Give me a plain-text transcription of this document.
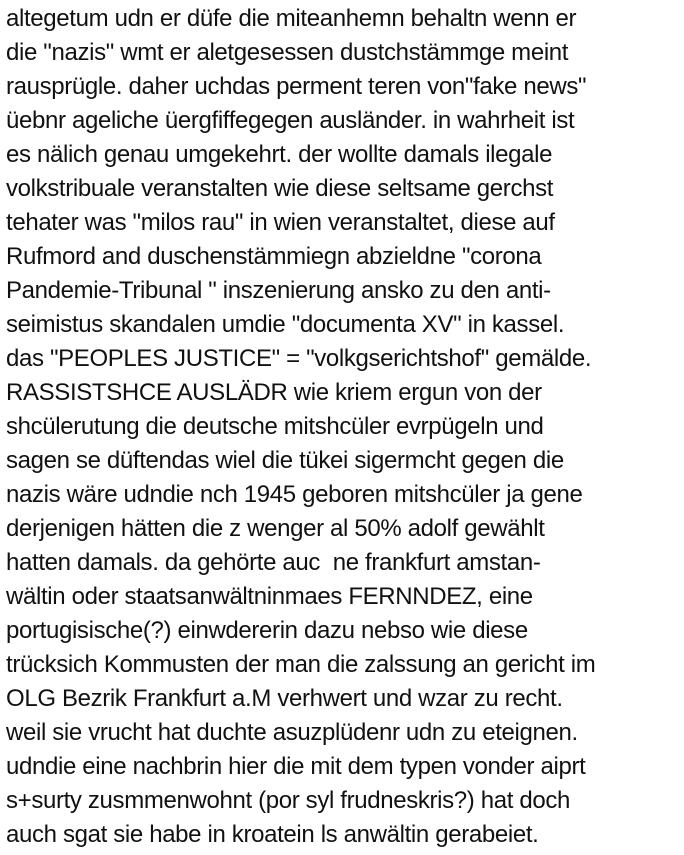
altegetum udn er düfe die miteanhemn behaltn wenn er
die "nazis" wmt er aletgesessen dustchstämmge meint
rausprügle. daher uchdas perment teren von"fake news"
üebnr ageliche üergfiffegegen ausländer. in wahrheit ist
es nälich genau umgekehrt. der wollte damals ilegale
volkstribuale veranstalten wie diese seltsame gerchst
tehater was "milos rau" in wien veranstaltet, diese auf
Rufmord and duschenstämmiegn abzieldne "corona
Pandemie-Tribunal " inszenierung ansko zu den anti-
seimistus skandalen umdie "documenta XV" in kassel.
das "PEOPLES JUSTICE" = "volkgserichtshof" gemälde.
RASSISTSHCE AUSLÄDR wie kriem ergun von der
shcülerutung die deutsche mitshcüler evrpügeln und
sagen se düftendas wiel die tükei sigermcht gegen die
nazis wäre udndie nch 1945 geboren mitshcüler ja gene
derjenigen hätten die z wenger al 50% adolf gewählt
hatten damals. da gehörte auc  ne frankfurt amstan-
wältin oder staatsanwältninmaes FERNNDEZ, eine
portugisische(?) einwdererin dazu nebso wie diese
trücksich Kommusten der man die zalssung an gericht im
OLG Bezrik Frankfurt a.M verhwert und wzar zu recht.
weil sie vrucht hat duchte asuzplüdenr udn zu eteignen.
udndie eine nachbrin hier die mit dem typen vonder aiprt
s+surty zusmmenwohnt (por syl frudneskris?) hat doch
auch sgat sie habe in kroatein ls anwältin gerabeiet.
